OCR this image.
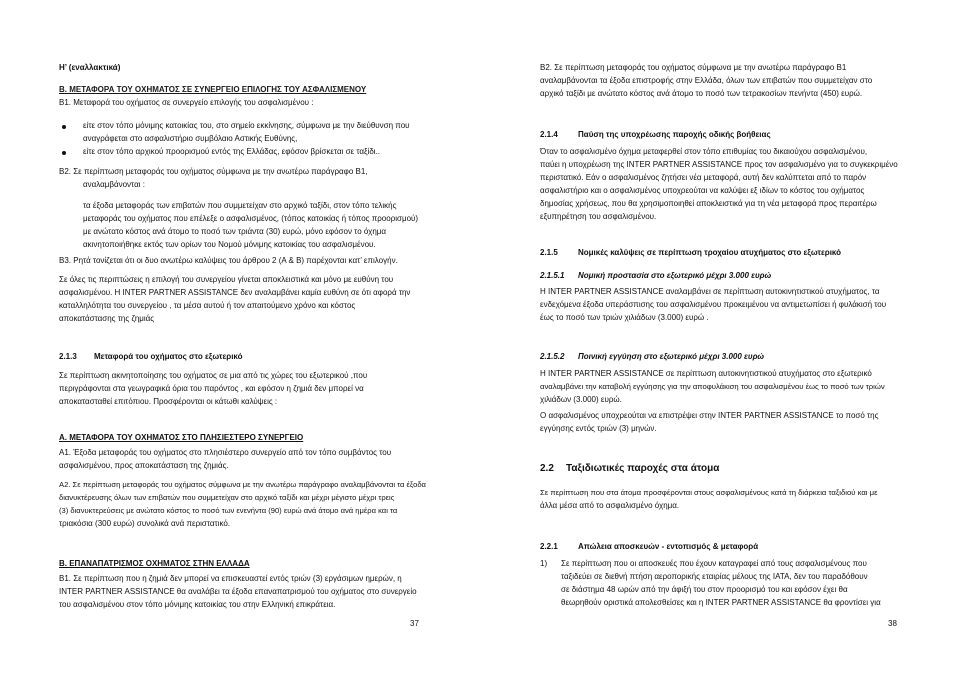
Η’ (εναλλακτικά)
Β. ΜΕΤΑΦΟΡΑ ΤΟΥ ΟΧΗΜΑΤΟΣ ΣΕ ΣΥΝΕΡΓΕΙΟ ΕΠΙΛΟΓΗΣ ΤΟΥ ΑΣΦΑΛΙΣΜΕΝΟΥ
Β1. Μεταφορά του οχήματος σε συνεργείο επιλογής του ασφαλισμένου :
είτε στον τόπο μόνιμης κατοικίας του, στο σημείο εκκίνησης, σύμφωνα με την διεύθυνση που
αναγράφεται στο ασφαλιστήριο συμβόλαιο Αστικής Ευθύνης,
είτε στον τόπο αρχικού προορισμού εντός της Ελλάδας, εφόσον βρίσκεται σε ταξίδι..
Β2. Σε περίπτωση μεταφοράς του οχήματος σύμφωνα με την ανωτέρω παράγραφο Β1,
αναλαμβάνονται :
τα έξοδα μεταφοράς των επιβατών που συμμετείχαν στο αρχικό ταξίδι, στον τόπο τελικής
μεταφοράς του οχήματος που επέλεξε ο ασφαλισμένος, (τόπος κατοικίας ή τόπος προορισμού)
με ανώτατο κόστος ανά άτομο το ποσό των τριάντα (30) ευρώ, μόνο εφόσον το όχημα
ακινητοποιήθηκε εκτός των ορίων του Νομού μόνιμης κατοικίας του ασφαλισμένου.
Β3. Ρητά τονίζεται ότι οι δυο ανωτέρω καλύψεις του άρθρου 2 (Α & Β) παρέχονται κατ’ επιλογήν.
Σε όλες τις περιπτώσεις η επιλογή του συνεργείου γίνεται αποκλειστικά και μόνο με ευθύνη του
ασφαλισμένου. Η INTER PARTNER ASSISTANCE δεν αναλαμβάνει καμία ευθύνη σε ότι αφορά την
καταλληλότητα του συνεργείου , τα μέσα αυτού ή τον απαιτούμενο χρόνο και κόστος
αποκατάστασης της ζημιάς
2.1.3 Μεταφορά του οχήματος στο εξωτερικό
Σε περίπτωση ακινητοποίησης του οχήματος σε μια από τις χώρες του εξωτερικού ,που
περιγράφονται στα γεωγραφικά όρια του παρόντος , και εφόσον η ζημιά δεν μπορεί να
αποκατασταθεί επιτόπιου. Προσφέρονται οι κάτωθι καλύψεις :
Α. ΜΕΤΑΦΟΡΑ ΤΟΥ ΟΧΗΜΑΤΟΣ ΣΤΟ ΠΛΗΣΙΕΣΤΕΡΟ ΣΥΝΕΡΓΕΙΟ
Α1. Έξοδα μεταφοράς του οχήματος στο πλησιέστερο συνεργείο από τον τόπο συμβάντος του
ασφαλισμένου, προς αποκατάσταση της ζημιάς.
Α2. Σε περίπτωση μεταφοράς του οχήματος σύμφωνα με την ανωτέρω παράγραφο αναλαμβάνονται τα έξοδα
διανυκτέρευσης όλων των επιβατών που συμμετείχαν στο αρχικό ταξίδι και μέχρι μέγιστο μέχρι τρεις
(3) διανυκτερεύσεις με ανώτατο κόστος το ποσό των ενενήντα (90) ευρώ ανά άτομο ανά ημέρα και τα
τριακόσια (300 ευρώ) συνολικά ανά περιστατικό.
Β. ΕΠΑΝΑΠΑΤΡΙΣΜΟΣ ΟΧΗΜΑΤΟΣ ΣΤΗΝ ΕΛΛΑΔΑ
Β1. Σε περίπτωση που η ζημιά δεν μπορεί να επισκευαστεί εντός τριών (3) εργάσιμων ημερών, η
INTER PARTNER ASSISTANCE θα αναλάβει τα έξοδα επαναπατρισμού του οχήματος στο συνεργείο
του ασφαλισμένου στον τόπο μόνιμης κατοικίας του στην Ελληνική επικράτεια.
37
Β2. Σε περίπτωση μεταφοράς του οχήματος σύμφωνα με την ανωτέρω παράγραφο Β1
αναλαμβάνονται τα έξοδα επιστροφής στην Ελλάδα, όλων των επιβατών που συμμετείχαν στο
αρχικό ταξίδι με ανώτατο κόστος ανά άτομο το ποσό των τετρακοσίων πενήντα (450) ευρώ.
2.1.4	Παύση της υποχρέωσης παροχής οδικής βοήθειας
Όταν το ασφαλισμένο όχημα μεταφερθεί στον τόπο επιθυμίας του δικαιούχου ασφαλισμένου,
παύει η υποχρέωση της INTER PARTNER ASSISTANCE προς τον ασφαλισμένο για το συγκεκριμένο
περιστατικό. Εάν ο ασφαλισμένος ζητήσει νέα μεταφορά, αυτή δεν καλύπτεται από το παρόν
ασφαλιστήριο και ο ασφαλισμένος υποχρεούται να καλύψει εξ ιδίων το κόστος του οχήματος
δημοσίας χρήσεως, που θα χρησιμοποιηθεί αποκλειστικά για τη νέα μεταφορά προς περαιτέρω
εξυπηρέτηση του ασφαλισμένου.
2.1.5	Νομικές καλύψεις σε περίπτωση τροχαίου ατυχήματος στο εξωτερικό
2.1.5.1 Νομική προστασία στο εξωτερικό μέχρι 3.000 ευρώ
Η INTER PARTNER ASSISTANCE αναλαμβάνει σε περίπτωση αυτοκινητιστικού ατυχήματος, τα
ενδεχόμενα έξοδα υπεράσπισης του ασφαλισμένου προκειμένου να αντιμετωπίσει ή φυλάκισή του
έως το ποσό των τριών χιλιάδων (3.000) ευρώ .
2.1.5.2 Ποινική εγγύηση στο εξωτερικό μέχρι 3.000 ευρώ
Η INTER PARTNER ASSISTANCE σε περίπτωση αυτοκινητιστικού ατυχήματος στο εξωτερικό
αναλαμβάνει την καταβολή εγγύησης για την αποφυλάκιση του ασφαλισμένου έως το ποσό των τριών
χιλιάδων (3.000) ευρώ.
Ο ασφαλισμένος υποχρεούται να επιστρέψει στην INTER PARTNER ASSISTANCE το ποσό της
εγγύησης εντός τριών (3) μηνών.
2.2 Ταξιδιωτικές παροχές στα άτομα
Σε περίπτωση που στα άτομα προσφέρονται στους ασφαλισμένους κατά τη διάρκεια ταξιδιού και με
άλλα μέσα από το ασφαλισμένο όχημα.
2.2.1	Απώλεια αποσκευών - εντοπισμός & μεταφορά
1) Σε περίπτωση που οι αποσκευές που έχουν καταγραφεί από τους ασφαλισμένους που
ταξιδεύει σε διεθνή πτήση αεροπορικής εταιρίας μέλους της ΙΑΤΑ, δεν του παραδόθουν
σε διάστημα 48 ωρών από την άφιξή του στον προορισμό του και εφόσον έχει θα
θεωρηθούν οριστικά απολεσθείσες και η INTER PARTNER ASSISTANCE θα φροντίσει για
38
